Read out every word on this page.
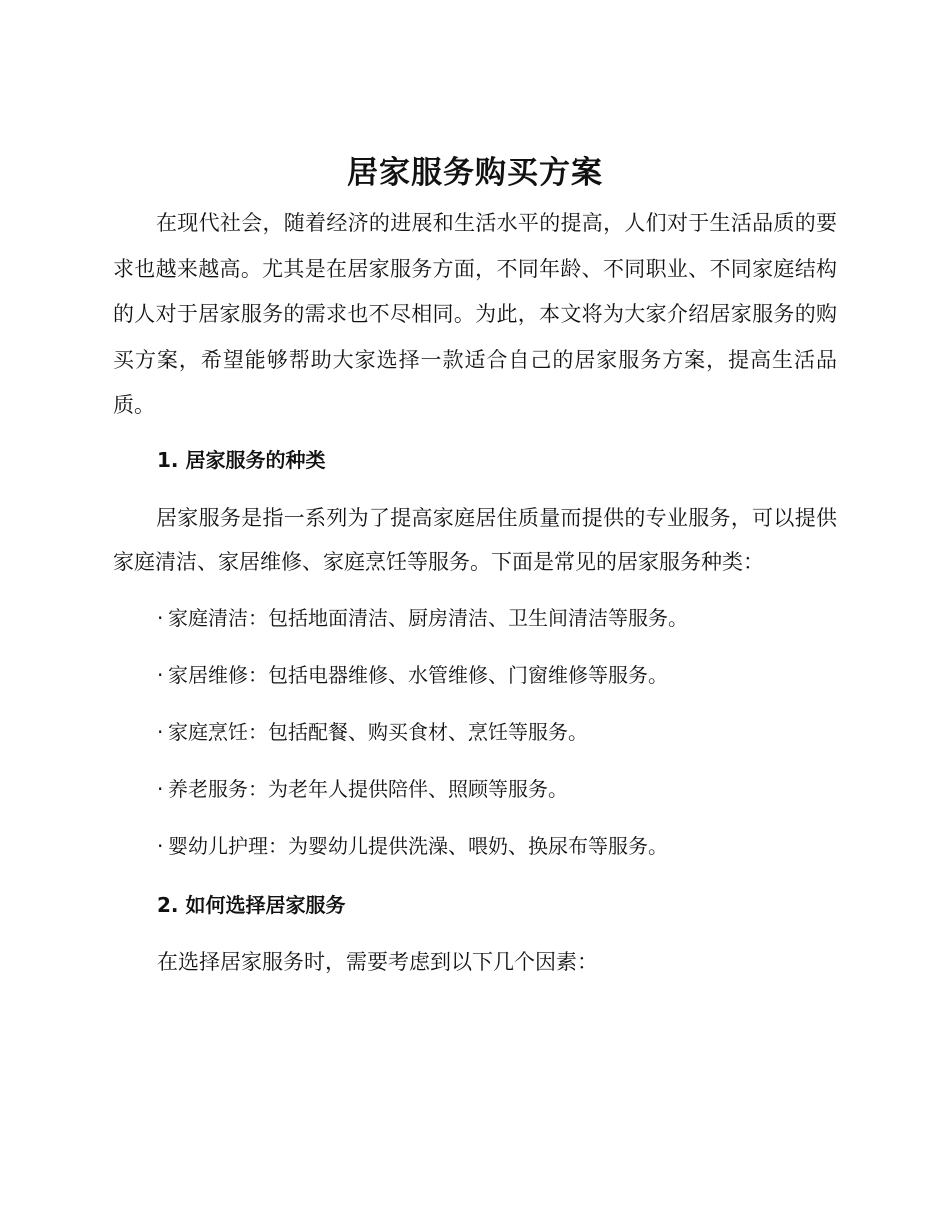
居家服务购买方案

在现代社会，随着经济的进展和生活水平的提高，人们对于生活品质的要求也越来越高。尤其是在居家服务方面，不同年龄、不同职业、不同家庭结构的人对于居家服务的需求也不尽相同。为此，本文将为大家介绍居家服务的购买方案，希望能够帮助大家选择一款适合自己的居家服务方案，提高生活品质。

1. 居家服务的种类

居家服务是指一系列为了提高家庭居住质量而提供的专业服务，可以提供家庭清洁、家居维修、家庭烹饪等服务。下面是常见的居家服务种类：

· 家庭清洁：包括地面清洁、厨房清洁、卫生间清洁等服务。
· 家居维修：包括电器维修、水管维修、门窗维修等服务。
· 家庭烹饪：包括配餐、购买食材、烹饪等服务。
· 养老服务：为老年人提供陪伴、照顾等服务。
· 婴幼儿护理：为婴幼儿提供洗澡、喂奶、换尿布等服务。
2. 如何选择居家服务

在选择居家服务时，需要考虑到以下几个因素：
